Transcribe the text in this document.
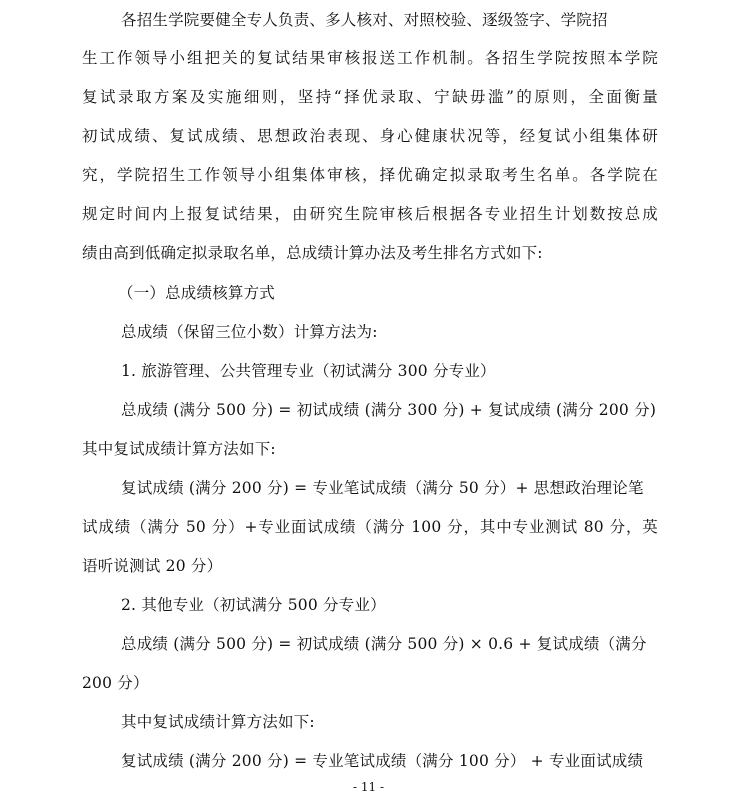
各招生学院要健全专人负责、多人核对、对照校验、逐级签字、学院招
生工作领导小组把关的复试结果审核报送工作机制。各招生学院按照本学院
复试录取方案及实施细则，坚持“择优录取、宁缺毋滥”的原则，全面衡量
初试成绩、复试成绩、思想政治表现、身心健康状况等，经复试小组集体研
究，学院招生工作领导小组集体审核，择优确定拟录取考生名单。各学院在
规定时间内上报复试结果，由研究生院审核后根据各专业招生计划数按总成
绩由高到低确定拟录取名单，总成绩计算办法及考生排名方式如下:
（一）总成绩核算方式
总成绩（保留三位小数）计算方法为:
1. 旅游管理、公共管理专业（初试满分 300 分专业）
总成绩 (满分 500 分) = 初试成绩 (满分 300 分) + 复试成绩 (满分 200 分)
其中复试成绩计算方法如下:
复试成绩 (满分 200 分) = 专业笔试成绩（满分 50 分）+ 思想政治理论笔
试成绩（满分 50 分）+专业面试成绩（满分 100 分，其中专业测试 80 分，英
语听说测试 20 分）
2. 其他专业（初试满分 500 分专业）
总成绩 (满分 500 分) = 初试成绩 (满分 500 分) × 0.6 + 复试成绩（满分
200 分）
其中复试成绩计算方法如下:
复试成绩 (满分 200 分) = 专业笔试成绩（满分 100 分） + 专业面试成绩
- 11 -
